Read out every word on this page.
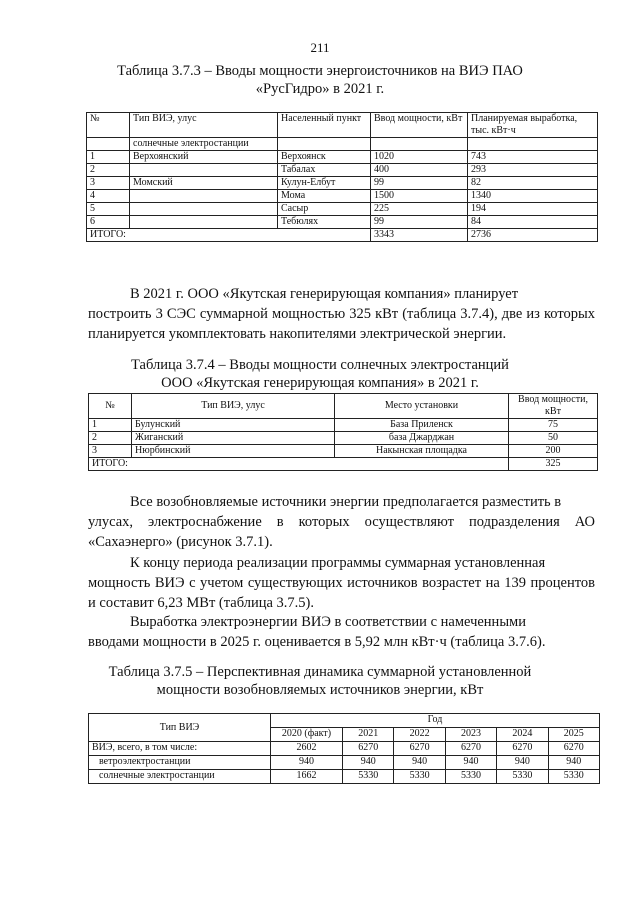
211
Таблица 3.7.3 – Вводы мощности энергоисточников на ВИЭ ПАО
«РусГидро» в 2021 г.
№	Тип ВИЭ, улус	Населенный пункт	Ввод мощности, кВт	Планируемая выработка, тыс. кВт·ч
	солнечные электростанции			
1	Верхоянский	Верхоянск	1020	743
2		Табалах	400	293
3	Момский	Кулун-Елбут	99	82
4		Мома	1500	1340
5		Сасыр	225	194
6		Тебюлях	99	84
ИТОГО:			3343	2736
В 2021 г. ООО «Якутская генерирующая компания» планирует
построить 3 СЭС суммарной мощностью 325 кВт (таблица 3.7.4), две из которых планируется укомплектовать накопителями электрической энергии.
Таблица 3.7.4 – Вводы мощности солнечных электростанций
ООО «Якутская генерирующая компания» в 2021 г.
№	Тип ВИЭ, улус	Место установки	Ввод мощности, кВт
1	Булунский	База Приленск	75
2	Жиганский	база Джарджан	50
3	Нюрбинский	Накынская площадка	200
ИТОГО:			325
Все возобновляемые источники энергии предполагается разместить в
улусах, электроснабжение в которых осуществляют подразделения АО «Сахаэнерго» (рисунок 3.7.1).
К концу периода реализации программы суммарная установленная
мощность ВИЭ с учетом существующих источников возрастет на 139 процентов и составит 6,23 МВт (таблица 3.7.5).
Выработка электроэнергии ВИЭ в соответствии с намеченными
вводами мощности в 2025 г. оценивается в 5,92 млн кВт·ч (таблица 3.7.6).
Таблица 3.7.5 – Перспективная динамика суммарной установленной
мощности возобновляемых источников энергии, кВт
Тип ВИЭ	Год					
	2020 (факт)	2021	2022	2023	2024	2025
ВИЭ, всего, в том числе:	2602	6270	6270	6270	6270	6270
ветроэлектростанции	940	940	940	940	940	940
солнечные электростанции	1662	5330	5330	5330	5330	5330
